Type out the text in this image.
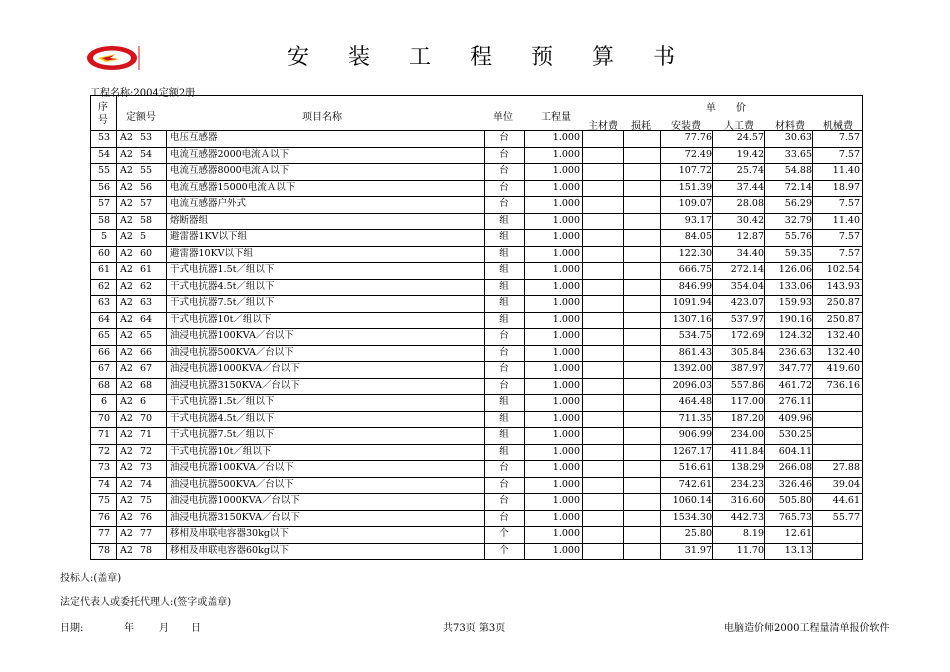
安 装 工 程 预 算 书
工程名称:2004定额2册
序
号	定额号	项目名称	单位	工程量
单　　价
主材费 损耗 安装费 人工费 材料费 机械费
53	A2 53	电压互感器	台	1.000	77.76	24.57	30.63	7.57
54	A2 54	电流互感器2000电流Ａ以下	台	1.000	72.49	19.42	33.65	7.57
55	A2 55	电流互感器8000电流Ａ以下	台	1.000	107.72	25.74	54.88	11.40
56	A2 56	电流互感器15000电流Ａ以下	台	1.000	151.39	37.44	72.14	18.97
57	A2 57	电流互感器户外式	台	1.000	109.07	28.08	56.29	7.57
58	A2 58	熔断器组	组	1.000	93.17	30.42	32.79	11.40
5	A2 5	避雷器1KV以下组	组	1.000	84.05	12.87	55.76	7.57
60	A2 60	避雷器10KV以下组	组	1.000	122.30	34.40	59.35	7.57
61	A2 61	干式电抗器1.5t／组以下	组	1.000	666.75	272.14	126.06	102.54
62	A2 62	干式电抗器4.5t／组以下	组	1.000	846.99	354.04	133.06	143.93
63	A2 63	干式电抗器7.5t／组以下	组	1.000	1091.94	423.07	159.93	250.87
64	A2 64	干式电抗器10t／组以下	组	1.000	1307.16	537.97	190.16	250.87
65	A2 65	油浸电抗器100KVA／台以下	台	1.000	534.75	172.69	124.32	132.40
66	A2 66	油浸电抗器500KVA／台以下	台	1.000	861.43	305.84	236.63	132.40
67	A2 67	油浸电抗器1000KVA／台以下	台	1.000	1392.00	387.97	347.77	419.60
68	A2 68	油浸电抗器3150KVA／台以下	台	1.000	2096.03	557.86	461.72	736.16
6	A2 6	干式电抗器1.5t／组以下	组	1.000	464.48	117.00	276.11
70	A2 70	干式电抗器4.5t／组以下	组	1.000	711.35	187.20	409.96
71	A2 71	干式电抗器7.5t／组以下	组	1.000	906.99	234.00	530.25
72	A2 72	干式电抗器10t／组以下	组	1.000	1267.17	411.84	604.11
73	A2 73	油浸电抗器100KVA／台以下	台	1.000	516.61	138.29	266.08	27.88
74	A2 74	油浸电抗器500KVA／台以下	台	1.000	742.61	234.23	326.46	39.04
75	A2 75	油浸电抗器1000KVA／台以下	台	1.000	1060.14	316.60	505.80	44.61
76	A2 76	油浸电抗器3150KVA／台以下	台	1.000	1534.30	442.73	765.73	55.77
77	A2 77	移相及串联电容器30kg以下	个	1.000	25.80	8.19	12.61
78	A2 78	移相及串联电容器60kg以下	个	1.000	31.97	11.70	13.13
投标人:(盖章)
法定代表人或委托代理人:(签字或盖章)
日期:	年	月 日	共73页 第3页	电脑造价师2000工程量清单报价软件
